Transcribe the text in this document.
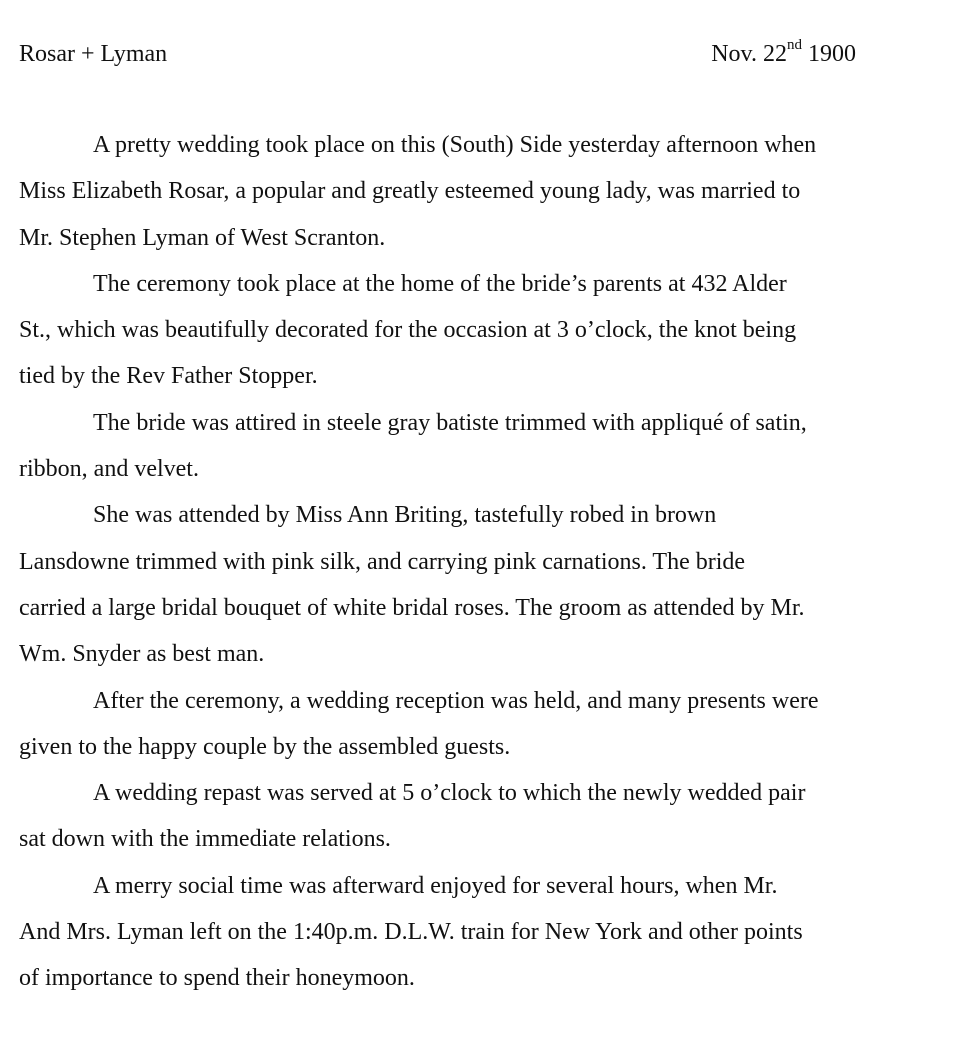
Rosar + Lyman	Nov. 22nd 1900

A pretty wedding took place on this (South) Side yesterday afternoon when
Miss Elizabeth Rosar, a popular and greatly esteemed young lady, was married to
Mr. Stephen Lyman of West Scranton.

The ceremony took place at the home of the bride’s parents at 432 Alder
St., which was beautifully decorated for the occasion at 3 o’clock, the knot being
tied by the Rev Father Stopper.

The bride was attired in steele gray batiste trimmed with appliqué of satin,
ribbon, and velvet.

She was attended by Miss Ann Briting, tastefully robed in brown
Lansdowne trimmed with pink silk, and carrying pink carnations. The bride
carried a large bridal bouquet of white bridal roses. The groom as attended by Mr.
Wm. Snyder as best man.

After the ceremony, a wedding reception was held, and many presents were
given to the happy couple by the assembled guests.

A wedding repast was served at 5 o’clock to which the newly wedded pair
sat down with the immediate relations.

A merry social time was afterward enjoyed for several hours, when Mr.
And Mrs. Lyman left on the 1:40p.m. D.L.W. train for New York and other points
of importance to spend their honeymoon.
